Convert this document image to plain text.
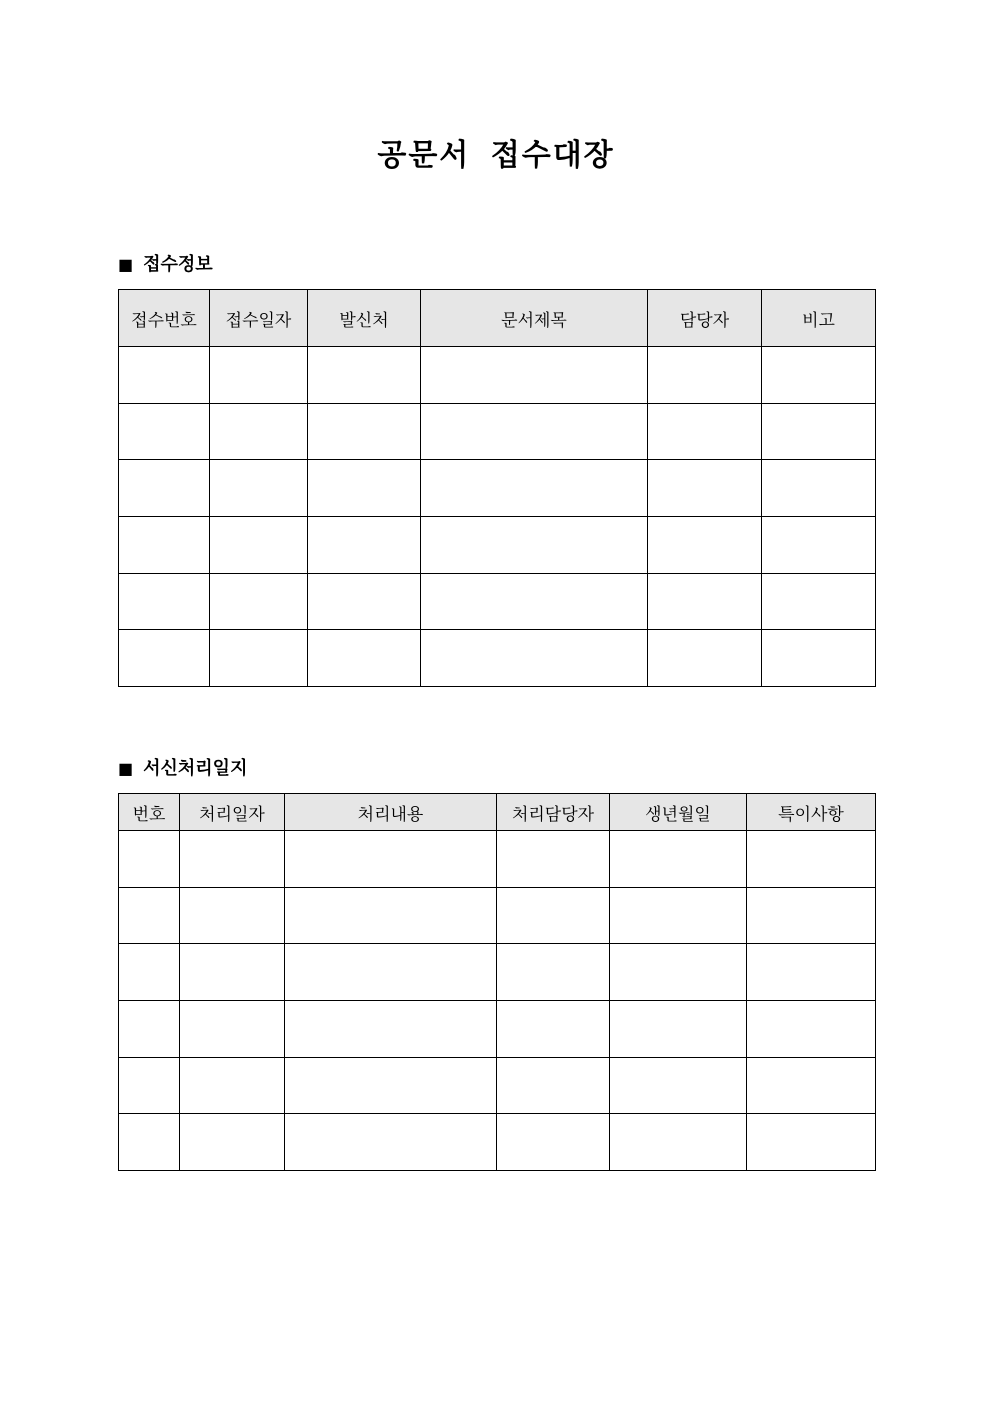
공문서 접수대장
■ 접수정보
접수번호	접수일자	발신처	문서제목	담당자	비고

■ 서신처리일지
번호	처리일자	처리내용	처리담당자	생년월일	특이사항
